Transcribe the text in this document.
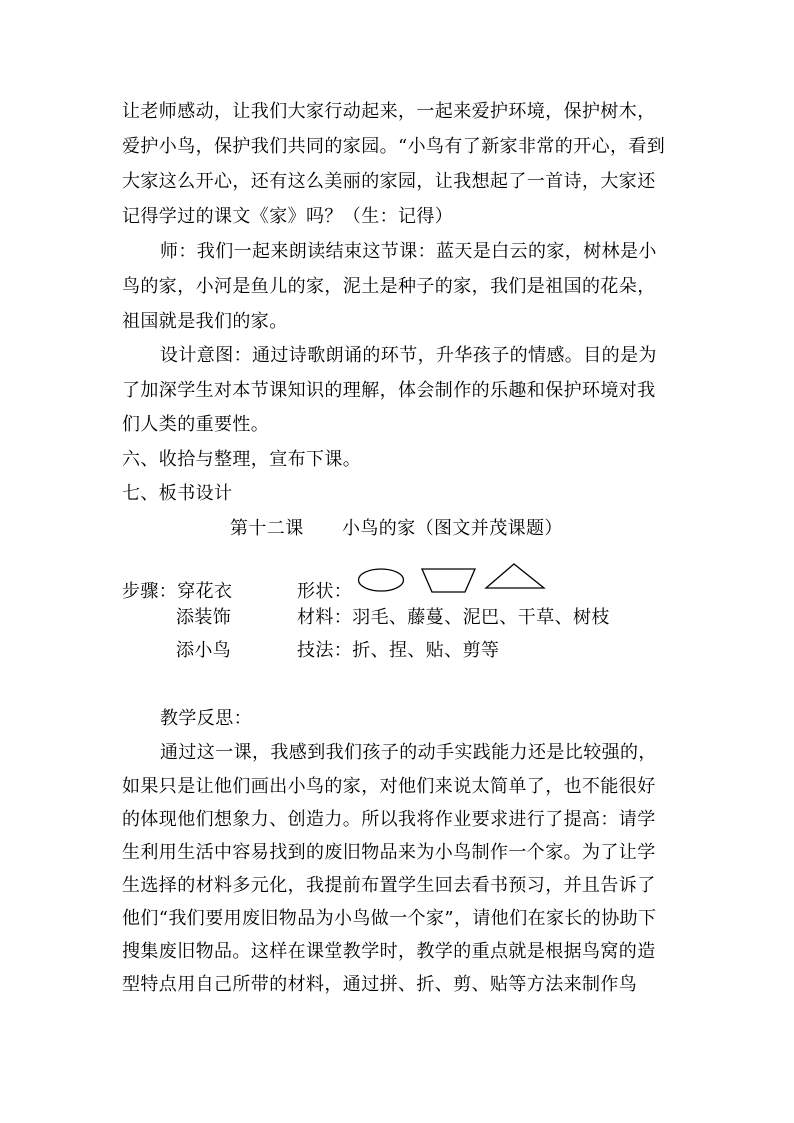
让老师感动，让我们大家行动起来，一起来爱护环境，保护树木，
爱护小鸟，保护我们共同的家园。“小鸟有了新家非常的开心，看到
大家这么开心，还有这么美丽的家园，让我想起了一首诗，大家还
记得学过的课文《家》吗？（生：记得）
师：我们一起来朗读结束这节课：蓝天是白云的家，树林是小
鸟的家，小河是鱼儿的家，泥土是种子的家，我们是祖国的花朵，
祖国就是我们的家。
设计意图：通过诗歌朗诵的环节，升华孩子的情感。目的是为
了加深学生对本节课知识的理解，体会制作的乐趣和保护环境对我
们人类的重要性。
六、收拾与整理，宣布下课。
七、板书设计
第十二课 小鸟的家（图文并茂课题）
步骤：穿花衣	形状：
添装饰	材料：羽毛、藤蔓、泥巴、干草、树枝
添小鸟	技法：折、捏、贴、剪等
教学反思：
通过这一课，我感到我们孩子的动手实践能力还是比较强的，
如果只是让他们画出小鸟的家，对他们来说太简单了，也不能很好
的体现他们想象力、创造力。所以我将作业要求进行了提高：请学
生利用生活中容易找到的废旧物品来为小鸟制作一个家。为了让学
生选择的材料多元化，我提前布置学生回去看书预习，并且告诉了
他们“我们要用废旧物品为小鸟做一个家”，请他们在家长的协助下
搜集废旧物品。这样在课堂教学时，教学的重点就是根据鸟窝的造
型特点用自己所带的材料，通过拼、折、剪、贴等方法来制作鸟
